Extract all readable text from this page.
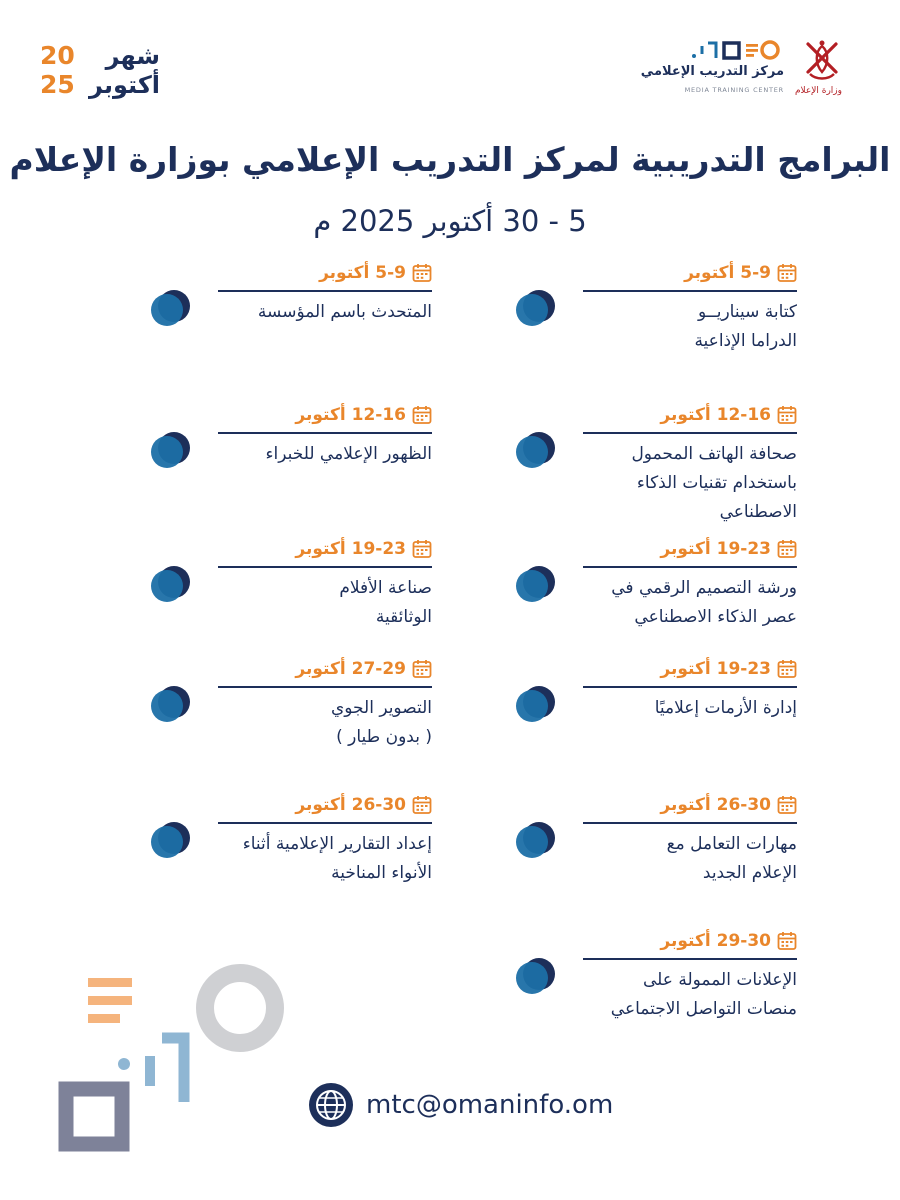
20
25
شهر
أكتوبر	مركز التدريب الإعلامي
MEDIA TRAINING CENTER وزارة الإعلام
البرامج التدريبية لمركز التدريب الإعلامي بوزارة الإعلام
5 - 30 أكتوبر 2025 م
5-9 أكتوبر
كتابة سيناريــو
الدراما الإذاعية
5-9 أكتوبر
المتحدث باسم المؤسسة
12-16 أكتوبر
صحافة الهاتف المحمول
باستخدام تقنيات الذكاء
الاصطناعي
12-16 أكتوبر
الظهور الإعلامي للخبراء
19-23 أكتوبر
ورشة التصميم الرقمي في
عصر الذكاء الاصطناعي
19-23 أكتوبر
صناعة الأفلام
الوثائقية
19-23 أكتوبر
إدارة الأزمات إعلاميًا
27-29 أكتوبر
التصوير الجوي
( بدون طيار )
26-30 أكتوبر
مهارات التعامل مع
الإعلام الجديد
26-30 أكتوبر
إعداد التقارير الإعلامية أثناء
الأنواء المناخية
29-30 أكتوبر
الإعلانات الممولة على
منصات التواصل الاجتماعي
mtc@omaninfo.om
